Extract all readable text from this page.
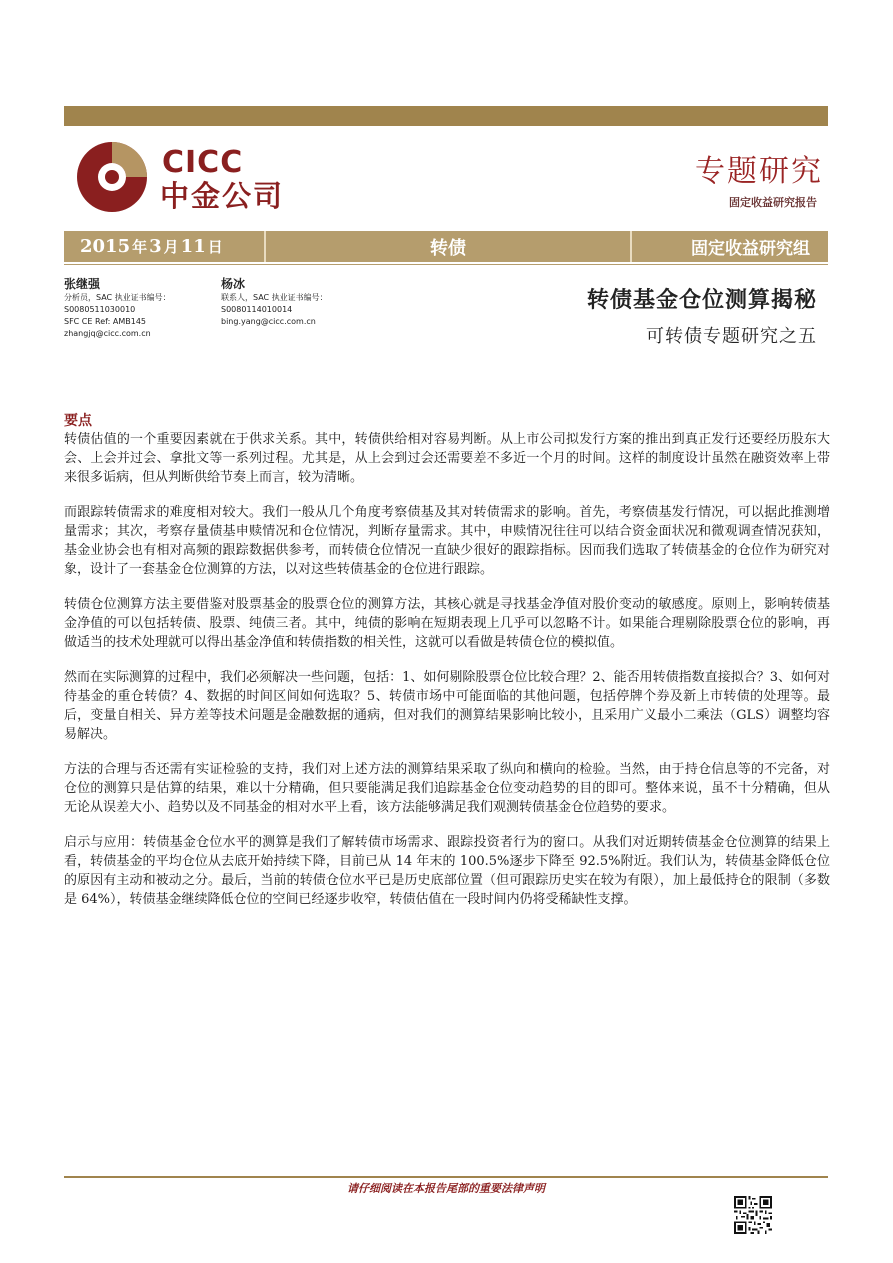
CICC
中金公司
专题研究
固定收益研究报告
2015 年 3 月 11 日	转债	固定收益研究组
张继强
分析员，SAC 执业证书编号：
S0080511030010
SFC CE Ref: AMB145
zhangjq@cicc.com.cn
杨冰
联系人，SAC 执业证书编号：
S0080114010014
bing.yang@cicc.com.cn
转债基金仓位测算揭秘
可转债专题研究之五
要点

转债估值的一个重要因素就在于供求关系。其中，转债供给相对容易判断。从上市公司拟发行方案的推出到真正发行还要经历股东大会、上会并过会、拿批文等一系列过程。尤其是，从上会到过会还需要差不多近一个月的时间。这样的制度设计虽然在融资效率上带来很多诟病，但从判断供给节奏上而言，较为清晰。

而跟踪转债需求的难度相对较大。我们一般从几个角度考察债基及其对转债需求的影响。首先，考察债基发行情况，可以据此推测增量需求；其次，考察存量债基申赎情况和仓位情况，判断存量需求。其中，申赎情况往往可以结合资金面状况和微观调查情况获知，基金业协会也有相对高频的跟踪数据供参考，而转债仓位情况一直缺少很好的跟踪指标。因而我们选取了转债基金的仓位作为研究对象，设计了一套基金仓位测算的方法，以对这些转债基金的仓位进行跟踪。

转债仓位测算方法主要借鉴对股票基金的股票仓位的测算方法，其核心就是寻找基金净值对股价变动的敏感度。原则上，影响转债基金净值的可以包括转债、股票、纯债三者。其中，纯债的影响在短期表现上几乎可以忽略不计。如果能合理剔除股票仓位的影响，再做适当的技术处理就可以得出基金净值和转债指数的相关性，这就可以看做是转债仓位的模拟值。

然而在实际测算的过程中，我们必须解决一些问题，包括：1、如何剔除股票仓位比较合理？2、能否用转债指数直接拟合？3、如何对待基金的重仓转债？4、数据的时间区间如何选取？5、转债市场中可能面临的其他问题，包括停牌个券及新上市转债的处理等。最后，变量自相关、异方差等技术问题是金融数据的通病，但对我们的测算结果影响比较小，且采用广义最小二乘法（GLS）调整均容易解决。

方法的合理与否还需有实证检验的支持，我们对上述方法的测算结果采取了纵向和横向的检验。当然，由于持仓信息等的不完备，对仓位的测算只是估算的结果，难以十分精确，但只要能满足我们追踪基金仓位变动趋势的目的即可。整体来说，虽不十分精确，但从无论从误差大小、趋势以及不同基金的相对水平上看，该方法能够满足我们观测转债基金仓位趋势的要求。

启示与应用：转债基金仓位水平的测算是我们了解转债市场需求、跟踪投资者行为的窗口。从我们对近期转债基金仓位测算的结果上看，转债基金的平均仓位从去底开始持续下降，目前已从 14 年末的 100.5%逐步下降至 92.5%附近。我们认为，转债基金降低仓位的原因有主动和被动之分。最后，当前的转债仓位水平已是历史底部位置（但可跟踪历史实在较为有限），加上最低持仓的限制（多数是 64%），转债基金继续降低仓位的空间已经逐步收窄，转债估值在一段时间内仍将受稀缺性支撑。

请仔细阅读在本报告尾部的重要法律声明
